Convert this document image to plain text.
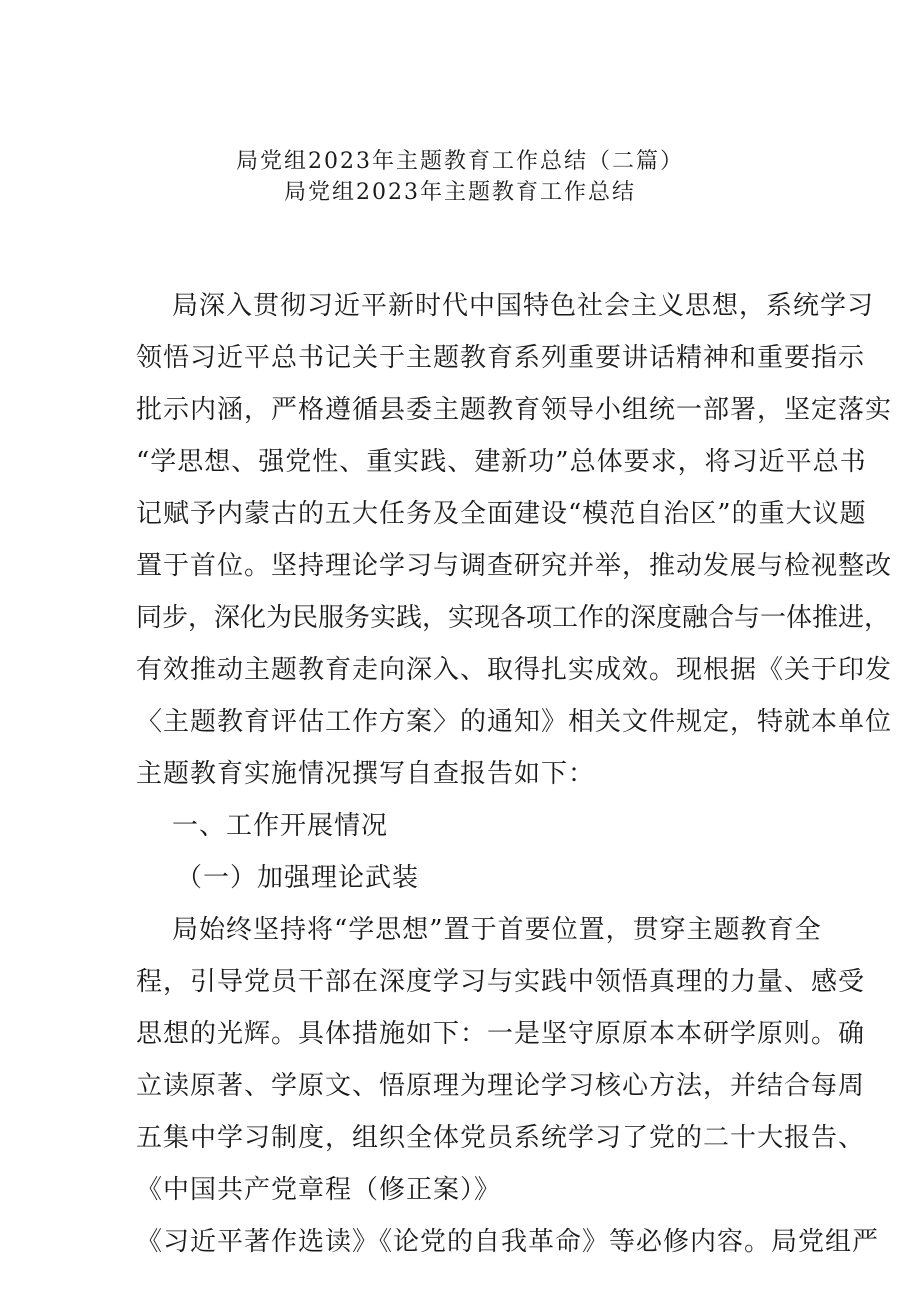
局党组2023年主题教育工作总结（二篇）
局党组2023年主题教育工作总结
局深入贯彻习近平新时代中国特色社会主义思想，系统学习
领悟习近平总书记关于主题教育系列重要讲话精神和重要指示
批示内涵，严格遵循县委主题教育领导小组统一部署，坚定落实
“学思想、强党性、重实践、建新功”总体要求，将习近平总书
记赋予内蒙古的五大任务及全面建设“模范自治区”的重大议题
置于首位。坚持理论学习与调查研究并举，推动发展与检视整改
同步，深化为民服务实践，实现各项工作的深度融合与一体推进，
有效推动主题教育走向深入、取得扎实成效。现根据《关于印发
〈主题教育评估工作方案〉的通知》相关文件规定，特就本单位
主题教育实施情况撰写自查报告如下：
一、工作开展情况
（一）加强理论武装
局始终坚持将“学思想”置于首要位置，贯穿主题教育全
程，引导党员干部在深度学习与实践中领悟真理的力量、感受
思想的光辉。具体措施如下：一是坚守原原本本研学原则。确
立读原著、学原文、悟原理为理论学习核心方法，并结合每周
五集中学习制度，组织全体党员系统学习了党的二十大报告、
《中国共产党章程（修正案）》
《习近平著作选读》《论党的自我革命》等必修内容。局党组严
